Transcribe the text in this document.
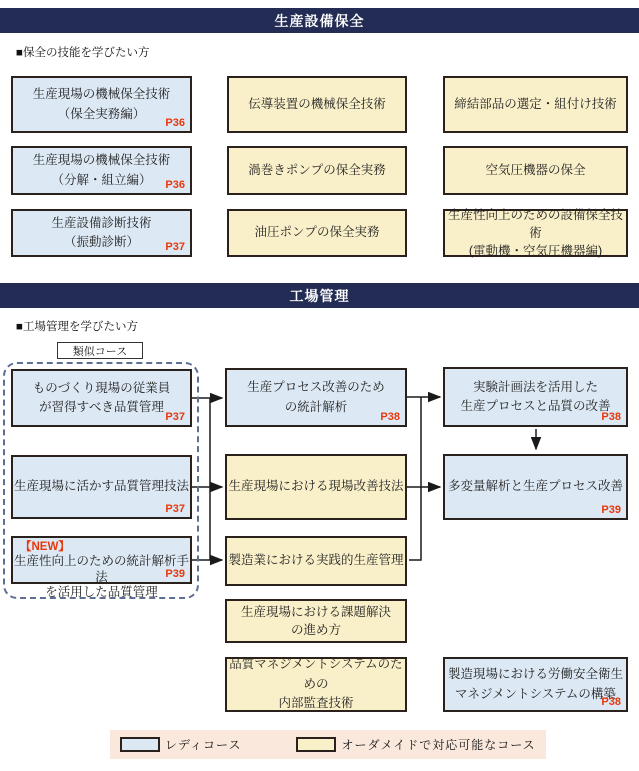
生産設備保全
■保全の技能を学びたい方
生産現場の機械保全技術
（保全実務編）
P36
伝導装置の機械保全技術	締結部品の選定・組付け技術
生産現場の機械保全技術
（分解・組立編） P36
渦巻きポンプの保全実務	空気圧機器の保全
生産設備診断技術
（振動診断） P37
油圧ポンプの保全実務
生産性向上のための設備保全技術
(電動機・空気圧機器編)
工場管理
■工場管理を学びたい方
類似コース
ものづくり現場の従業員
が習得すべき品質管理
P37
生産現場に活かす品質管理技法
P37
【NEW】
生産性向上のための統計解析手法
を活用した品質管理
P39
生産プロセス改善のため
の統計解析
P38
生産現場における現場改善技法
製造業における実践的生産管理
生産現場における課題解決
の進め方
品質マネジメントシステムのための
内部監査技術
実験計画法を活用した
生産プロセスと品質の改善
P38
多変量解析と生産プロセス改善
P39
製造現場における労働安全衛生
マネジメントシステムの構築
P38
レディコース	オーダメイドで対応可能なコース
